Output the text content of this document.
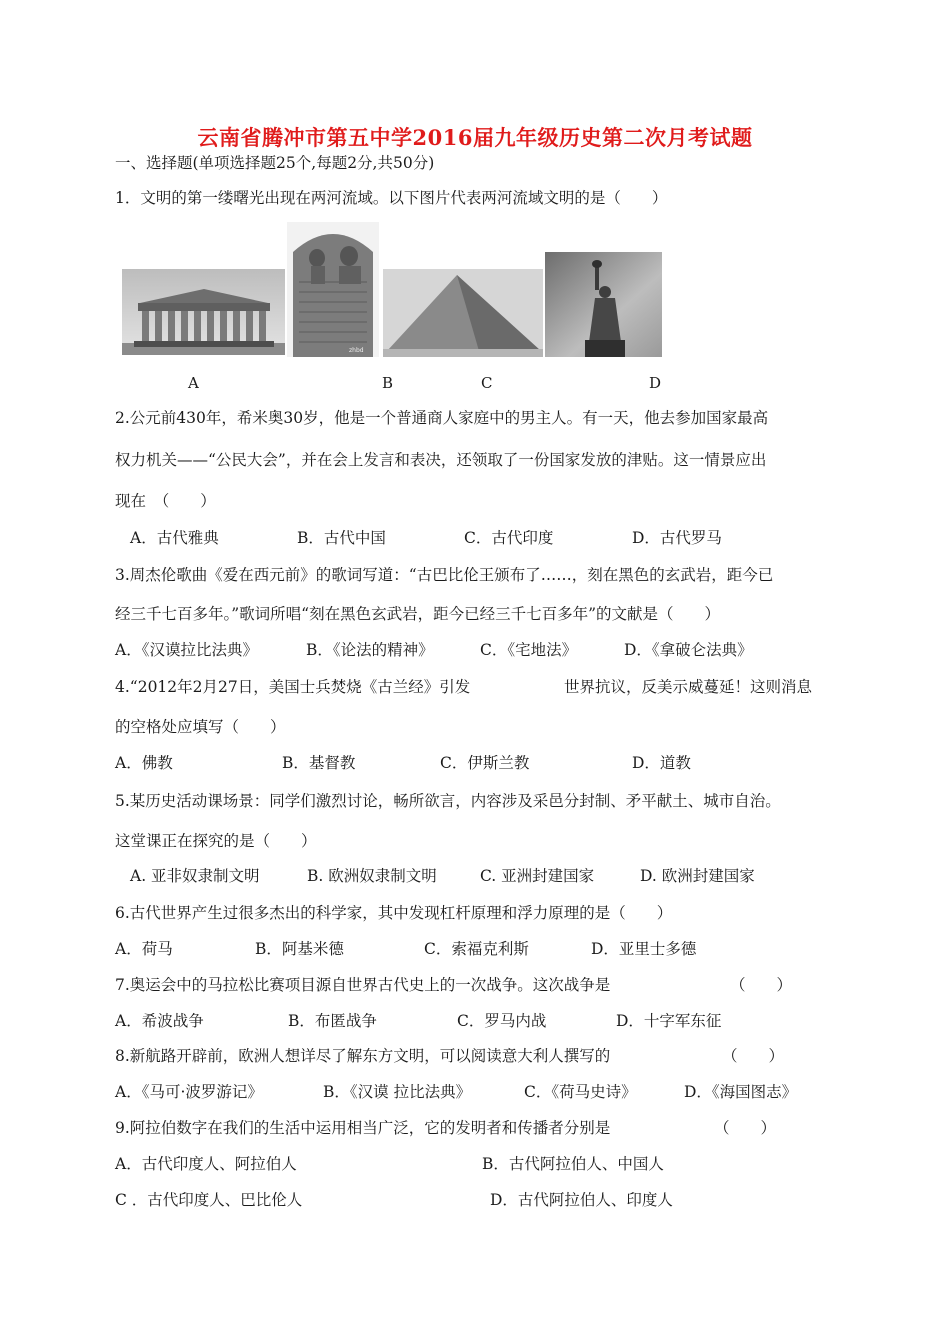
云南省腾冲市第五中学2016届九年级历史第二次月考试题
一、选择题(单项选择题25个,每题2分,共50分)
1．文明的第一缕曙光出现在两河流域。以下图片代表两河流域文明的是（　　）
zhbd
A	B	C	D
2.公元前430年，希米奥30岁，他是一个普通商人家庭中的男主人。有一天，他去参加国家最高
权力机关——“公民大会”，并在会上发言和表决，还领取了一份国家发放的津贴。这一情景应出
现在　（　　）
A．古代雅典	B．古代中国	C．古代印度	D．古代罗马
3.周杰伦歌曲《爱在西元前》的歌词写道：“古巴比伦王颁布了……，刻在黑色的玄武岩，距今已
经三千七百多年。”歌词所唱“刻在黑色玄武岩，距今已经三千七百多年”的文献是（　　）
A．《汉谟拉比法典》	B．《论法的精神》	C．《宅地法》	D．《拿破仑法典》
4.“2012年2月27日，美国士兵焚烧《古兰经》引发	世界抗议，反美示威蔓延！这则消息
的空格处应填写（　　）
A．佛教	B．基督教	C．伊斯兰教	D．道教
5.某历史活动课场景：同学们激烈讨论，畅所欲言，内容涉及采邑分封制、矛平献土、城市自治。
这堂课正在探究的是（　　）
A. 亚非奴隶制文明	B. 欧洲奴隶制文明	C. 亚洲封建国家	D. 欧洲封建国家
6.古代世界产生过很多杰出的科学家，其中发现杠杆原理和浮力原理的是（　　）
A．荷马	B．阿基米德	C．索福克利斯	D．亚里士多德
7.奥运会中的马拉松比赛项目源自世界古代史上的一次战争。这次战争是	（　　）
A．希波战争	B．布匿战争	C．罗马内战	D．十字军东征
8.新航路开辟前，欧洲人想详尽了解东方文明，可以阅读意大利人撰写的	（　　）
A．《马可·波罗游记》	B．《汉谟 拉比法典》	C．《荷马史诗》	D．《海国图志》
9.阿拉伯数字在我们的生活中运用相当广泛，它的发明者和传播者分别是	（　　）
A．古代印度人、阿拉伯人	B．古代阿拉伯人、中国人
C ．古代印度人、巴比伦人	D．古代阿拉伯人、印度人
